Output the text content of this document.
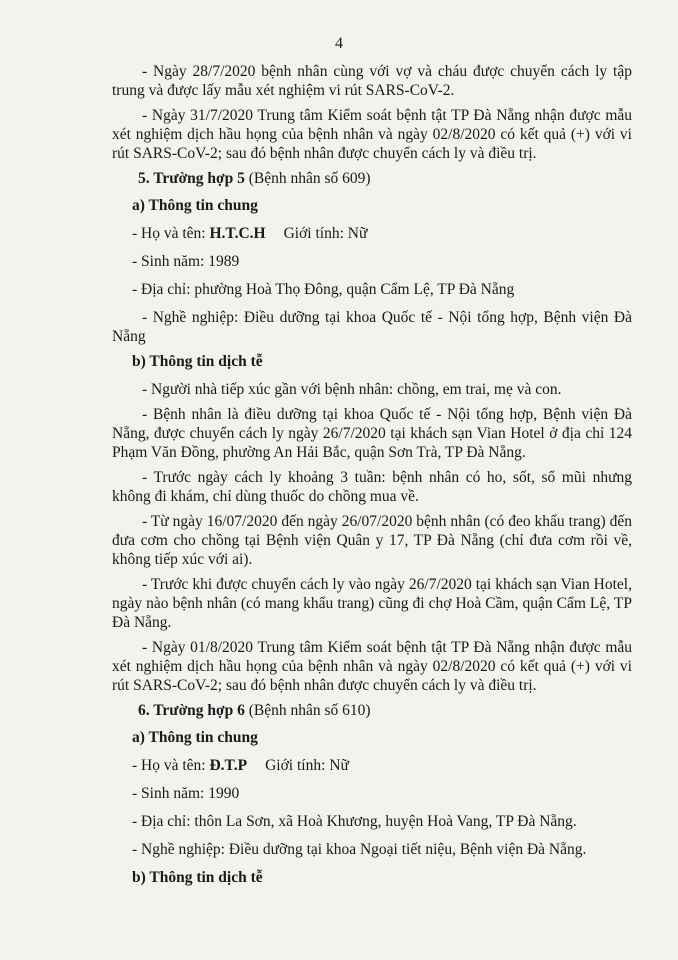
4

- Ngày 28/7/2020 bệnh nhân cùng với vợ và cháu được chuyển cách ly tập trung và được lấy mẫu xét nghiệm vi rút SARS-CoV-2.

- Ngày 31/7/2020 Trung tâm Kiểm soát bệnh tật TP Đà Nẵng nhận được mẫu xét nghiệm dịch hầu họng của bệnh nhân và ngày 02/8/2020 có kết quả (+) với vi rút SARS-CoV-2; sau đó bệnh nhân được chuyển cách ly và điều trị.

5. Trường hợp 5 (Bệnh nhân số 609)

a) Thông tin chung

- Họ và tên: H.T.C.H Giới tính: Nữ

- Sinh năm: 1989

- Địa chỉ: phường Hoà Thọ Đông, quận Cẩm Lệ, TP Đà Nẵng

- Nghề nghiệp: Điều dưỡng tại khoa Quốc tế - Nội tổng hợp, Bệnh viện Đà Nẵng

b) Thông tin dịch tễ

- Người nhà tiếp xúc gần với bệnh nhân: chồng, em trai, mẹ và con.

- Bệnh nhân là điều dưỡng tại khoa Quốc tế - Nội tổng hợp, Bệnh viện Đà Nẵng, được chuyển cách ly ngày 26/7/2020 tại khách sạn Vian Hotel ở địa chỉ 124 Phạm Văn Đồng, phường An Hải Bắc, quận Sơn Trà, TP Đà Nẵng.

- Trước ngày cách ly khoảng 3 tuần: bệnh nhân có ho, sốt, sổ mũi nhưng không đi khám, chỉ dùng thuốc do chồng mua về.

- Từ ngày 16/07/2020 đến ngày 26/07/2020 bệnh nhân (có đeo khẩu trang) đến đưa cơm cho chồng tại Bệnh viện Quân y 17, TP Đà Nẵng (chỉ đưa cơm rồi về, không tiếp xúc với ai).

- Trước khi được chuyển cách ly vào ngày 26/7/2020 tại khách sạn Vian Hotel, ngày nào bệnh nhân (có mang khẩu trang) cũng đi chợ Hoà Cầm, quận Cẩm Lệ, TP Đà Nẵng.

- Ngày 01/8/2020 Trung tâm Kiểm soát bệnh tật TP Đà Nẵng nhận được mẫu xét nghiệm dịch hầu họng của bệnh nhân và ngày 02/8/2020 có kết quả (+) với vi rút SARS-CoV-2; sau đó bệnh nhân được chuyển cách ly và điều trị.

6. Trường hợp 6 (Bệnh nhân số 610)

a) Thông tin chung

- Họ và tên: Đ.T.P Giới tính: Nữ

- Sinh năm: 1990

- Địa chỉ: thôn La Sơn, xã Hoà Khương, huyện Hoà Vang, TP Đà Nẵng.

- Nghề nghiệp: Điều dưỡng tại khoa Ngoại tiết niệu, Bệnh viện Đà Nẵng.

b) Thông tin dịch tễ
